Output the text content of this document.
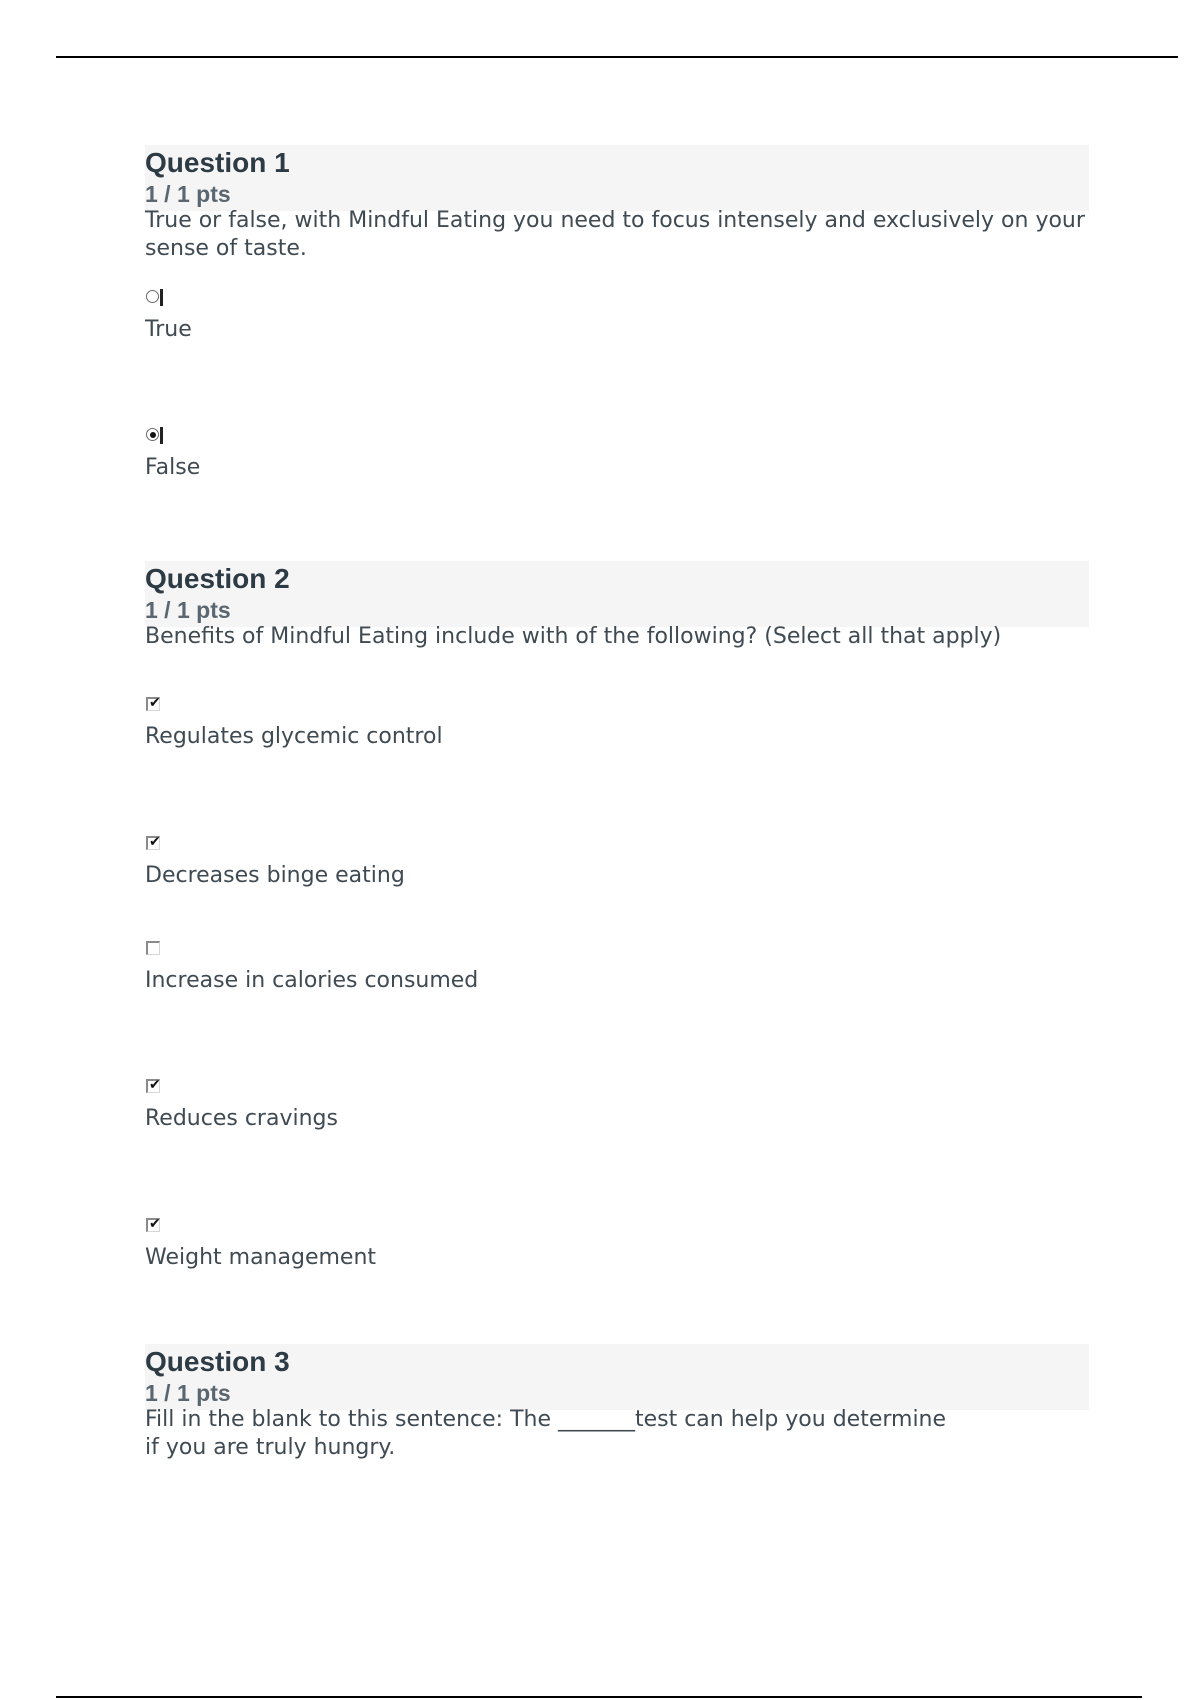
Question 1
1 / 1 pts
True or false, with Mindful Eating you need to focus intensely and exclusively on your sense of taste.
True
False
Question 2
1 / 1 pts
Benefits of Mindful Eating include with of the following? (Select all that apply)
✔
Regulates glycemic control
✔
Decreases binge eating
Increase in calories consumed
✔
Reduces cravings
✔
Weight management
Question 3
1 / 1 pts
Fill in the blank to this sentence: The _______test can help you determine
if you are truly hungry.
